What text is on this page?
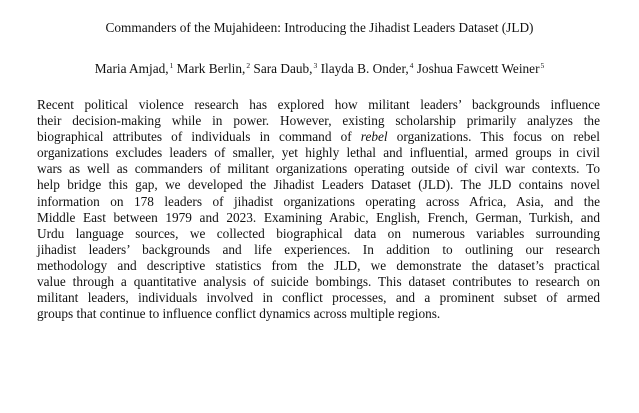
Commanders of the Mujahideen: Introducing the Jihadist Leaders Dataset (JLD)
Maria Amjad,$^1$ Mark Berlin,$^2$ Sara Daub,$^3$ Ilayda B. Onder,$^4$ Joshua Fawcett Weiner$^5$
Recent political violence research has explored how militant leaders’ backgrounds influence
their decision-making while in power. However, existing scholarship primarily analyzes the
biographical attributes of individuals in command of rebel organizations. This focus on rebel
organizations excludes leaders of smaller, yet highly lethal and influential, armed groups in civil
wars as well as commanders of militant organizations operating outside of civil war contexts. To
help bridge this gap, we developed the Jihadist Leaders Dataset (JLD). The JLD contains novel
information on 178 leaders of jihadist organizations operating across Africa, Asia, and the
Middle East between 1979 and 2023. Examining Arabic, English, French, German, Turkish, and
Urdu language sources, we collected biographical data on numerous variables surrounding
jihadist leaders’ backgrounds and life experiences. In addition to outlining our research
methodology and descriptive statistics from the JLD, we demonstrate the dataset’s practical
value through a quantitative analysis of suicide bombings. This dataset contributes to research on
militant leaders, individuals involved in conflict processes, and a prominent subset of armed
groups that continue to influence conflict dynamics across multiple regions.
